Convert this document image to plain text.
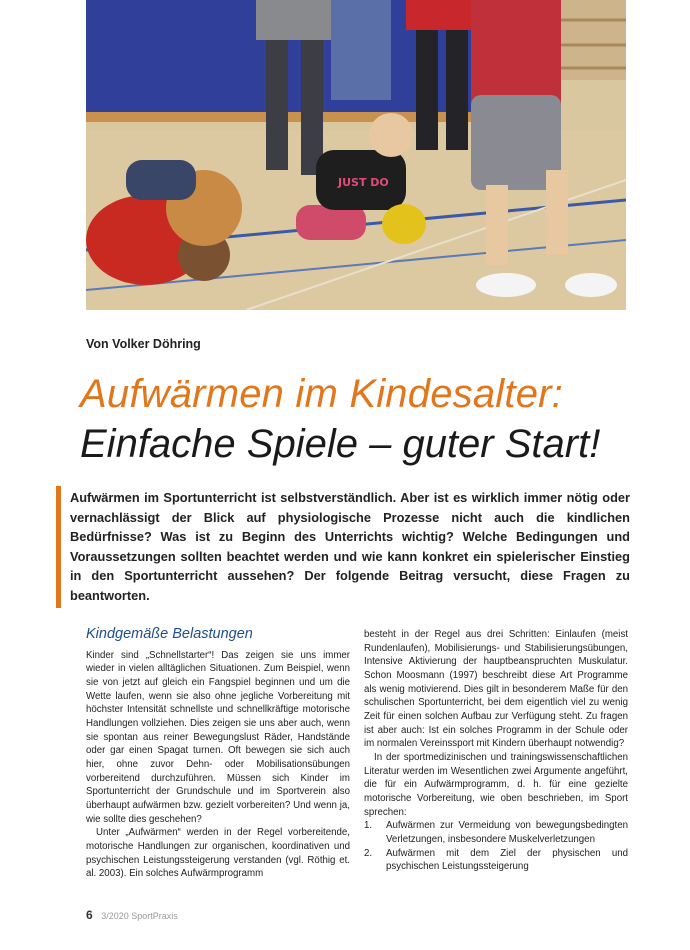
JUST DO
Von Volker Döhring
Aufwärmen im Kindesalter:
Einfache Spiele – guter Start!
Aufwärmen im Sportunterricht ist selbstverständlich. Aber ist es wirklich immer nötig oder vernachlässigt der Blick auf physiologische Prozesse nicht auch die kindlichen Bedürfnisse? Was ist zu Beginn des Unterrichts wichtig? Welche Bedingungen und Voraussetzungen sollten beachtet werden und wie kann konkret ein spielerischer Einstieg in den Sportunterricht aussehen? Der folgende Beitrag versucht, diese Fragen zu beantworten.
Kindgemäße Belastungen

Kinder sind „Schnellstarter“! Das zeigen sie uns immer wieder in vielen alltäglichen Situationen. Zum Beispiel, wenn sie von jetzt auf gleich ein Fangspiel beginnen und um die Wette laufen, wenn sie also ohne jegliche Vorbereitung mit höchster Intensität schnellste und schnellkräftige motorische Handlungen vollziehen. Dies zeigen sie uns aber auch, wenn sie spontan aus reiner Bewegungslust Räder, Handstände oder gar einen Spagat turnen. Oft bewegen sie sich auch hier, ohne zuvor Dehn- oder Mobilisationsübungen vorbereitend durchzuführen. Müssen sich Kinder im Sportunterricht der Grundschule und im Sportverein also überhaupt aufwärmen bzw. gezielt vorbereiten? Und wenn ja, wie sollte dies geschehen?

Unter „Aufwärmen“ werden in der Regel vorbereitende, motorische Handlungen zur organischen, koordinativen und psychischen Leistungssteigerung verstanden (vgl. Röthig et. al. 2003). Ein solches Aufwärmprogramm

besteht in der Regel aus drei Schritten: Einlaufen (meist Rundenlaufen), Mobilisierungs- und Stabilisierungsübungen, Intensive Aktivierung der hauptbeanspruchten Muskulatur. Schon Moosmann (1997) beschreibt diese Art Programme als wenig motivierend. Dies gilt in besonderem Maße für den schulischen Sportunterricht, bei dem eigentlich viel zu wenig Zeit für einen solchen Aufbau zur Verfügung steht. Zu fragen ist aber auch: Ist ein solches Programm in der Schule oder im normalen Vereinssport mit Kindern überhaupt notwendig?

In der sportmedizinischen und trainingswissenschaftlichen Literatur werden im Wesentlichen zwei Argumente angeführt, die für ein Aufwärmprogramm, d. h. für eine gezielte motorische Vorbereitung, wie oben beschrieben, im Sport sprechen:

1. Aufwärmen zur Vermeidung von bewegungsbedingten Verletzungen, insbesondere Muskelverletzungen
2. Aufwärmen mit dem Ziel der physischen und psychischen Leistungssteigerung
6 3/2020 SportPraxis
